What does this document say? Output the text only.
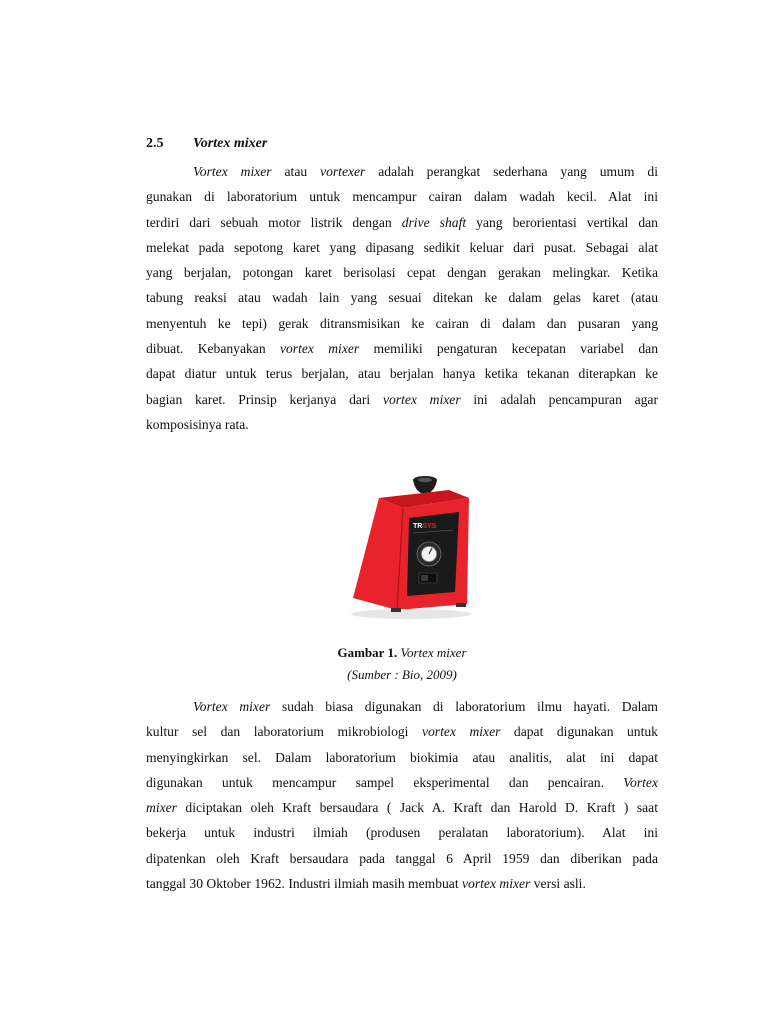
2.5 Vortex mixer
Vortex mixer atau vortexer adalah perangkat sederhana yang umum di
gunakan di laboratorium untuk mencampur cairan dalam wadah kecil. Alat ini
terdiri dari sebuah motor listrik dengan drive shaft yang berorientasi vertikal dan
melekat pada sepotong karet yang dipasang sedikit keluar dari pusat. Sebagai alat
yang berjalan, potongan karet berisolasi cepat dengan gerakan melingkar. Ketika
tabung reaksi atau wadah lain yang sesuai ditekan ke dalam gelas karet (atau
menyentuh ke tepi) gerak ditransmisikan ke cairan di dalam dan pusaran yang
dibuat. Kebanyakan vortex mixer memiliki pengaturan kecepatan variabel dan
dapat diatur untuk terus berjalan, atau berjalan hanya ketika tekanan diterapkan ke
bagian karet. Prinsip kerjanya dari vortex mixer ini adalah pencampuran agar
komposisinya rata.
TRSYS
Gambar 1. Vortex mixer
(Sumber : Bio, 2009)
Vortex mixer sudah biasa digunakan di laboratorium ilmu hayati. Dalam
kultur sel dan laboratorium mikrobiologi vortex mixer dapat digunakan untuk
menyingkirkan sel. Dalam laboratorium biokimia atau analitis, alat ini dapat
digunakan untuk mencampur sampel eksperimental dan pencairan. Vortex
mixer diciptakan oleh Kraft bersaudara ( Jack A. Kraft dan Harold D. Kraft ) saat
bekerja untuk industri ilmiah (produsen peralatan laboratorium). Alat ini
dipatenkan oleh Kraft bersaudara pada tanggal 6 April 1959 dan diberikan pada
tanggal 30 Oktober 1962. Industri ilmiah masih membuat vortex mixer versi asli.
